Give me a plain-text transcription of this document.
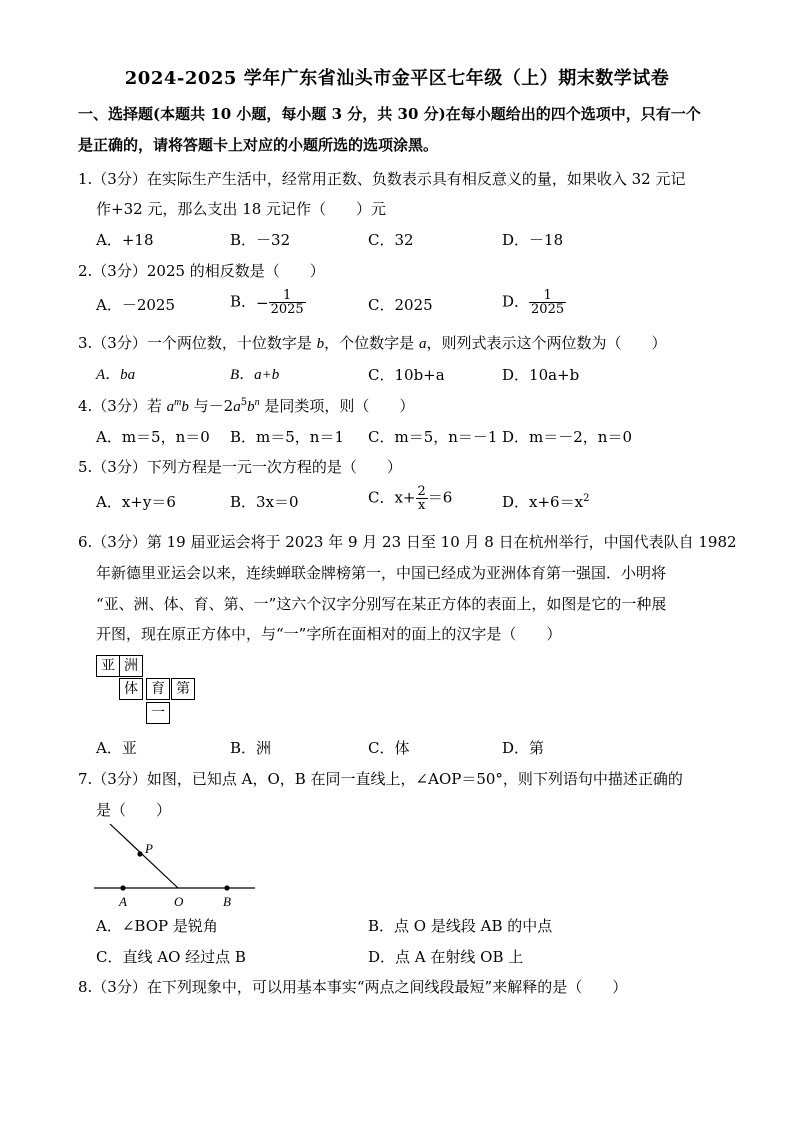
2024-2025 学年广东省汕头市金平区七年级（上）期末数学试卷
一、选择题(本题共 10 小题，每小题 3 分，共 30 分)在每小题给出的四个选项中，只有一个
是正确的，请将答题卡上对应的小题所选的选项涂黑。
1.（3分）在实际生产生活中，经常用正数、负数表示具有相反意义的量，如果收入 32 元记
作+32 元，那么支出 18 元记作（　　）元
A．+18	B．－32	C．32	D．－18
2.（3分）2025 的相反数是（　　）
A．－2025	B．− $\frac{1}{2025}$	C．2025	D． $\frac{1}{2025}$
3.（3分）一个两位数，十位数字是 b，个位数字是 a，则列式表示这个两位数为（　　）
A．ba	B．a+b	C．10b+a	D．10a+b
4.（3分）若 $a^mb$ 与$-2a^5b^n$ 是同类项，则（　　）
A．m＝5，n＝0 B．m＝5，n＝1 C．m＝5，n＝－1 D．m＝－2，n＝0
5.（3分）下列方程是一元一次方程的是（　　）
A．x+y＝6	B．3x＝0	C．$x+ \frac{2}{x} =6$	D．$x+6=x^2$
6.（3分）第 19 届亚运会将于 2023 年 9 月 23 日至 10 月 8 日在杭州举行，中国代表队自 1982
年新德里亚运会以来，连续蝉联金牌榜第一，中国已经成为亚洲体育第一强国．小明将
“亚、洲、体、育、第、一”这六个汉字分别写在某正方体的表面上，如图是它的一种展
开图，现在原正方体中，与“一”字所在面相对的面上的汉字是（　　）
亚 洲
体 育 第
一
A．亚	B．洲	C．体	D．第
7.（3分）如图，已知点 A，O，B 在同一直线上，∠AOP＝50°，则下列语句中描述正确的
是（　　）
P
A	O	B
A．∠BOP 是锐角	B．点 O 是线段 AB 的中点
C．直线 AO 经过点 B	D．点 A 在射线 OB 上
8.（3分）在下列现象中，可以用基本事实“两点之间线段最短”来解释的是（　　）
